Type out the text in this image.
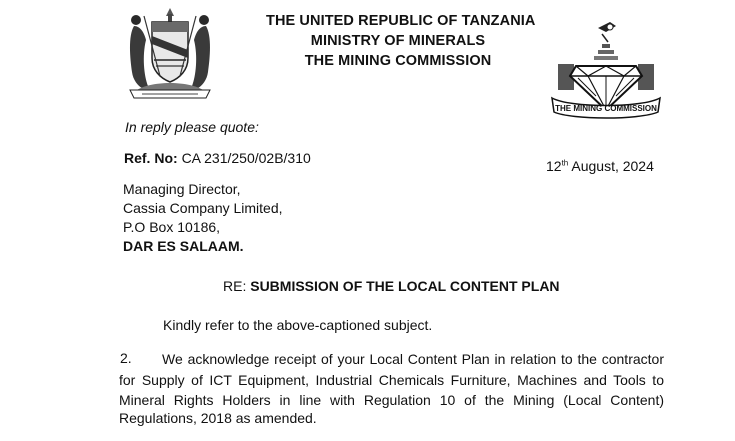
THE UNITED REPUBLIC OF TANZANIA
MINISTRY OF MINERALS
THE MINING COMMISSION
THE MINING COMMISSION
In reply please quote:
Ref. No: CA 231/250/02B/310	12th August, 2024
Managing Director,
Cassia Company Limited,
P.O Box 10186,
DAR ES SALAAM.
RE: SUBMISSION OF THE LOCAL CONTENT PLAN
Kindly refer to the above-captioned subject.
2. We acknowledge receipt of your Local Content Plan in relation to the contractor
for Supply of ICT Equipment, Industrial Chemicals Furniture, Machines and Tools to
Mineral Rights Holders in line with Regulation 10 of the Mining (Local Content)
Regulations, 2018 as amended.
